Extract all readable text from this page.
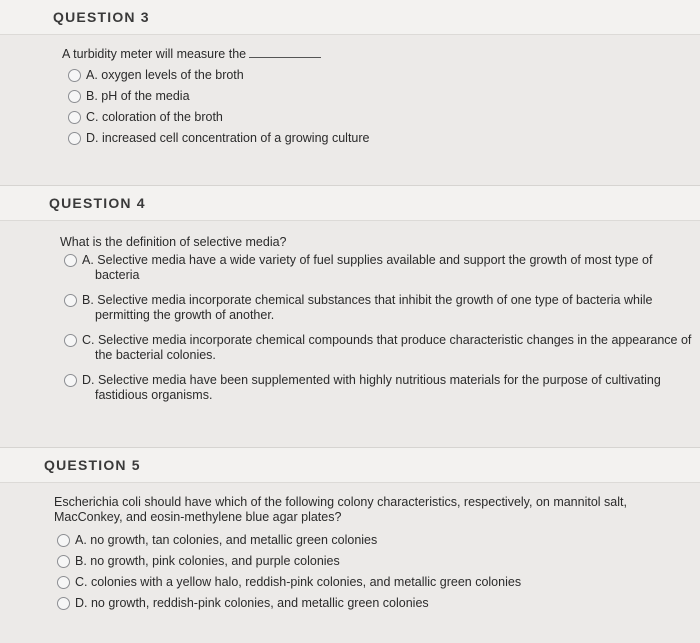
QUESTION 3
A turbidity meter will measure the
A. oxygen levels of the broth
B. pH of the media
C. coloration of the broth
D. increased cell concentration of a growing culture
QUESTION 4
What is the definition of selective media?
A. Selective media have a wide variety of fuel supplies available and support the growth of most type of
bacteria
B. Selective media incorporate chemical substances that inhibit the growth of one type of bacteria while
permitting the growth of another.
C. Selective media incorporate chemical compounds that produce characteristic changes in the appearance of
the bacterial colonies.
D. Selective media have been supplemented with highly nutritious materials for the purpose of cultivating
fastidious organisms.
QUESTION 5
Escherichia coli should have which of the following colony characteristics, respectively, on mannitol salt,
MacConkey, and eosin-methylene blue agar plates?
A. no growth, tan colonies, and metallic green colonies
B. no growth, pink colonies, and purple colonies
C. colonies with a yellow halo, reddish-pink colonies, and metallic green colonies
D. no growth, reddish-pink colonies, and metallic green colonies
